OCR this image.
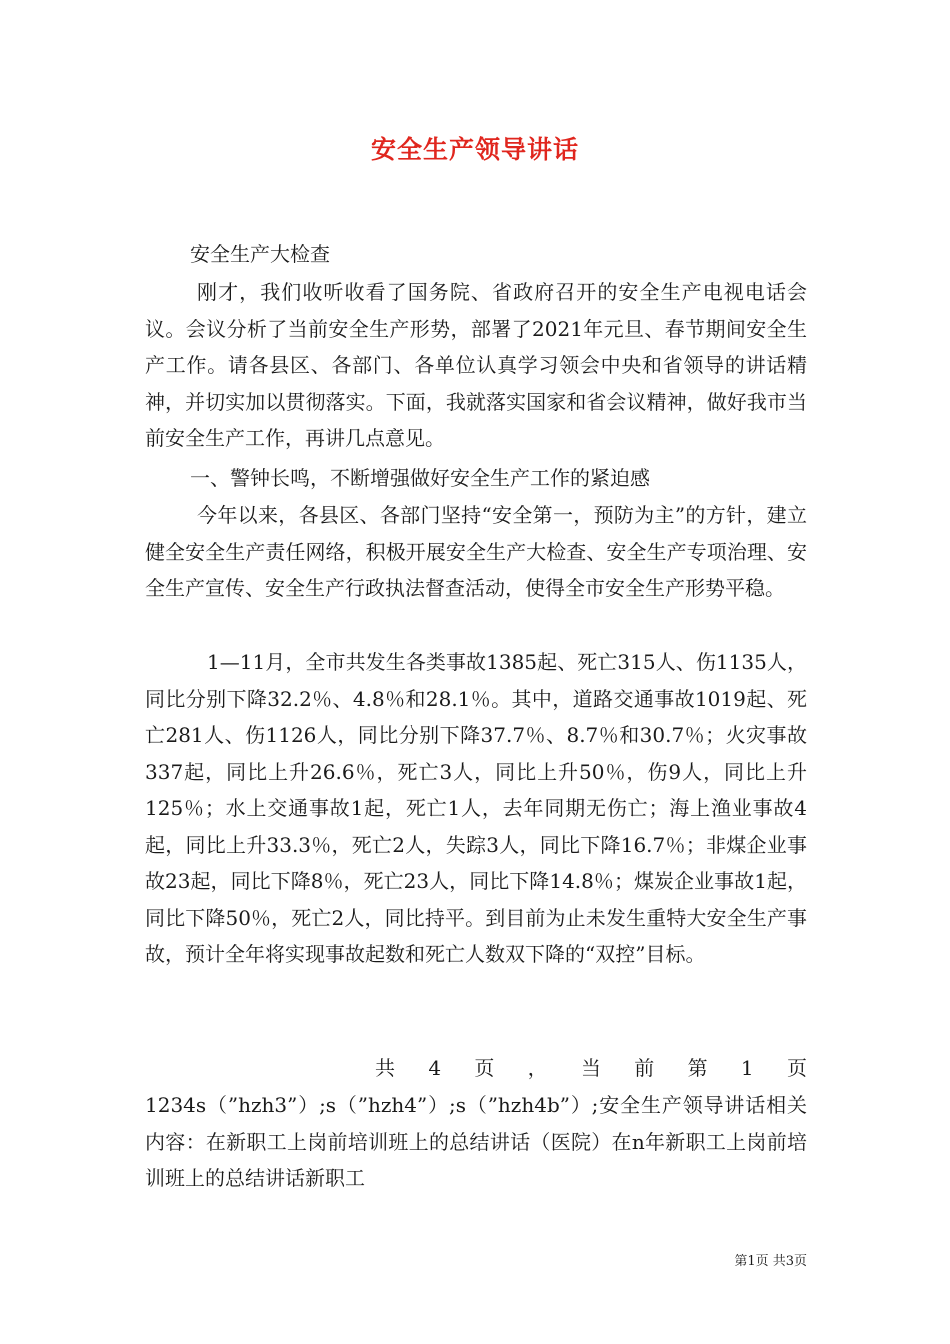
安全生产领导讲话
安全生产大检查
刚才，我们收听收看了国务院、省政府召开的安全生产电视电话会议。会议分析了当前安全生产形势，部署了2021年元旦、春节期间安全生产工作。请各县区、各部门、各单位认真学习领会中央和省领导的讲话精神，并切实加以贯彻落实。下面，我就落实国家和省会议精神，做好我市当前安全生产工作，再讲几点意见。
一、警钟长鸣，不断增强做好安全生产工作的紧迫感
今年以来，各县区、各部门坚持“安全第一，预防为主”的方针，建立健全安全生产责任网络，积极开展安全生产大检查、安全生产专项治理、安全生产宣传、安全生产行政执法督查活动，使得全市安全生产形势平稳。
1—11月，全市共发生各类事故1385起、死亡315人、伤1135人，同比分别下降32.2％、4.8％和28.1％。其中，道路交通事故1019起、死亡281人、伤1126人，同比分别下降37.7％、8.7％和30.7％；火灾事故337起，同比上升26.6％，死亡3人，同比上升50％，伤9人，同比上升125％；水上交通事故1起，死亡1人，去年同期无伤亡；海上渔业事故4起，同比上升33.3％，死亡2人，失踪3人，同比下降16.7％；非煤企业事故23起，同比下降8％，死亡23人，同比下降14.8％；煤炭企业事故1起，同比下降50％，死亡2人，同比持平。到目前为止未发生重特大安全生产事故，预计全年将实现事故起数和死亡人数双下降的“双控”目标。
共 4 页 ， 当 前 第 1 页
1234s（”hzh3”）;s（”hzh4”）;s（”hzh4b”）;安全生产领导讲话相关内容：在新职工上岗前培训班上的总结讲话（医院）在n年新职工上岗前培训班上的总结讲话新职工
第1页 共3页
